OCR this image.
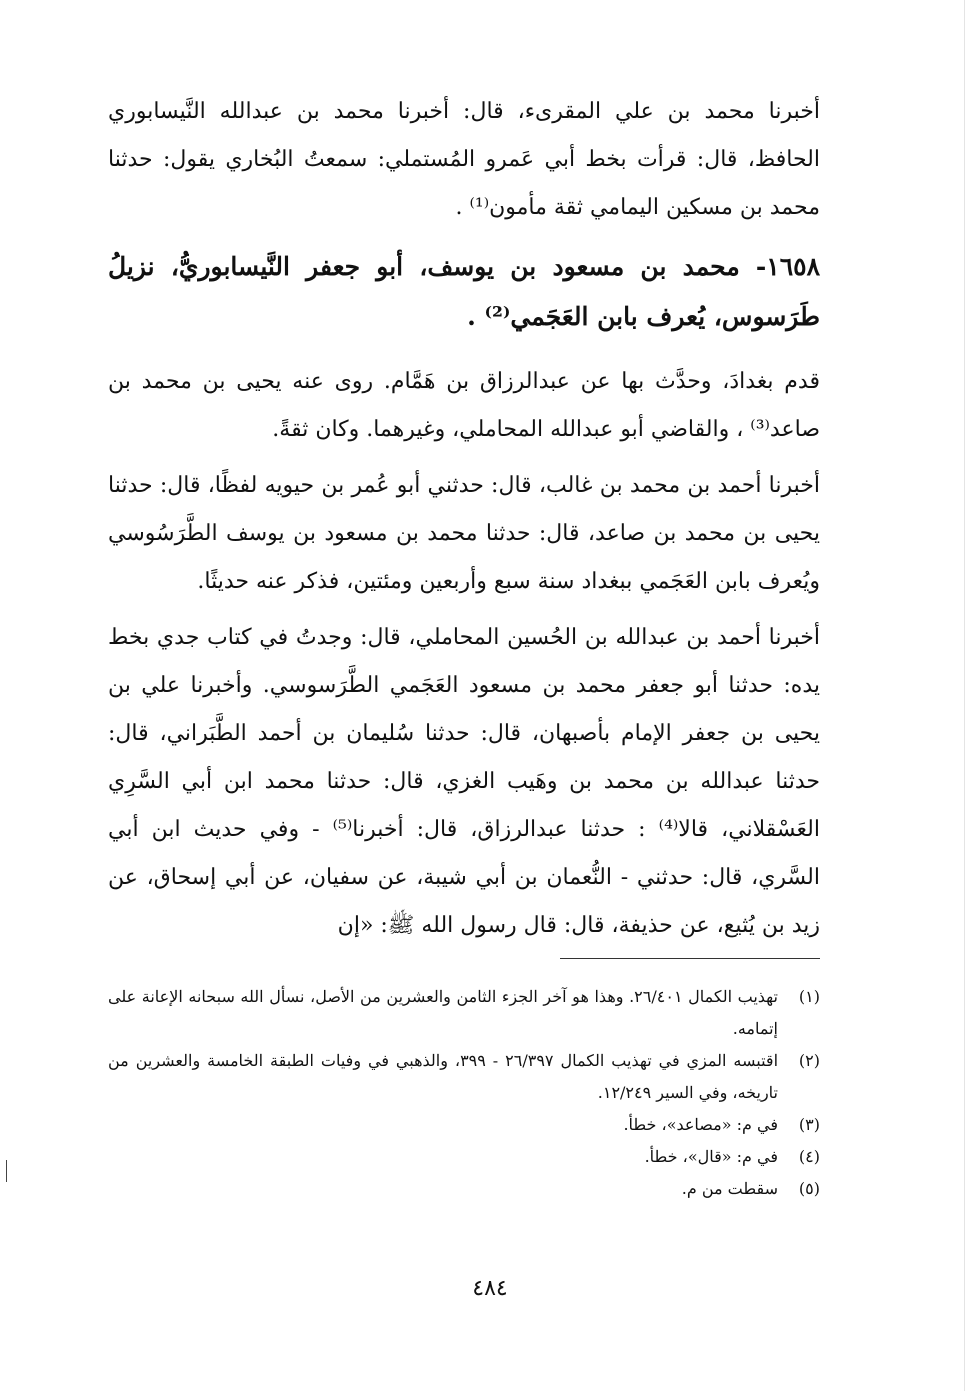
أخبرنا محمد بن علي المقرىء، قال: أخبرنا محمد بن عبدالله النَّيسابوري الحافظ، قال: قرأت بخط أبي عَمرو المُستملي: سمعتُ البُخاري يقول: حدثنا محمد بن مسكين اليمامي ثقة مأمون⁽¹⁾ .

١٦٥٨- محمد بن مسعود بن يوسف، أبو جعفر النَّيسابوريُّ، نزيلُ طَرَسوس، يُعرف بابن العَجَمي⁽²⁾ .

قدم بغدادَ، وحدَّث بها عن عبدالرزاق بن هَمَّام. روى عنه يحيى بن محمد بن صاعد⁽³⁾ ، والقاضي أبو عبدالله المحاملي، وغيرهما. وكان ثقةً.

أخبرنا أحمد بن محمد بن غالب، قال: حدثني أبو عُمر بن حيويه لفظًا، قال: حدثنا يحيى بن محمد بن صاعد، قال: حدثنا محمد بن مسعود بن يوسف الطَّرَسُوسي ويُعرف بابن العَجَمي ببغداد سنة سبع وأربعين ومئتين، فذكر عنه حديثًا.

أخبرنا أحمد بن عبدالله بن الحُسين المحاملي، قال: وجدتُ في كتاب جدي بخط يده: حدثنا أبو جعفر محمد بن مسعود العَجَمي الطَّرَسوسي. وأخبرنا علي بن يحيى بن جعفر الإمام بأصبهان، قال: حدثنا سُليمان بن أحمد الطَّبَراني، قال: حدثنا عبدالله بن محمد بن وهَيب الغزي، قال: حدثنا محمد ابن أبي السَّرِي العَسْقلاني، قالا⁽⁴⁾ : حدثنا عبدالرزاق، قال: أخبرنا⁽⁵⁾ - وفي حديث ابن أبي السَّري، قال: حدثني - النُّعمان بن أبي شيبة، عن سفيان، عن أبي إسحاق، عن زيد بن يُثيع، عن حذيفة، قال: قال رسول الله ﷺ: «إن

(١)
تهذيب الكمال ٢٦/٤٠١. وهذا هو آخر الجزء الثامن والعشرين من الأصل، نسأل الله سبحانه الإعانة على إتمامه.
(٢)
اقتبسه المزي في تهذيب الكمال ٢٦/٣٩٧ - ٣٩٩، والذهبي في وفيات الطبقة الخامسة والعشرين من تاريخه، وفي السير ١٢/٢٤٩.
(٣)
في م: «مصاعد»، خطأ.
(٤)
في م: «قال»، خطأ.
(٥)
سقطت من م.
٤٨٤
